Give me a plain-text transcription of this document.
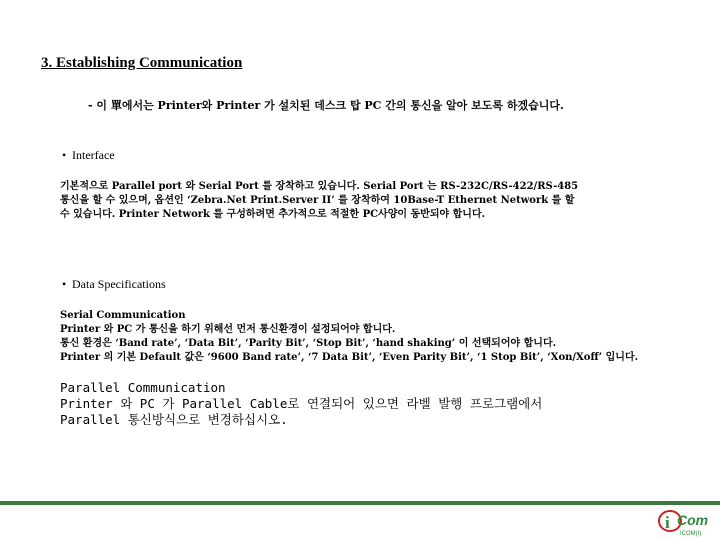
3. Establishing Communication
- 이 單에서는 Printer와 Printer 가 설치된 데스크 탑 PC 간의 통신을 알아 보도록 하겠습니다.
• Interface
기본적으로 Parallel port 와 Serial Port 를 장착하고 있습니다. Serial Port 는 RS-232C/RS-422/RS-485
통신을 할 수 있으며, 옵션인 ‘Zebra.Net Print.Server II’ 를 장착하여 10Base-T Ethernet Network 를 할
수 있습니다. Printer Network 를 구성하려면 추가적으로 적절한 PC사양이 동반되야 합니다.
• Data Specifications
Serial Communication
Printer 와 PC 가 통신을 하기 위해선 먼저 통신환경이 설정되어야 합니다.
통신 환경은 ‘Band rate’, ‘Data Bit’, ‘Parity Bit’, ‘Stop Bit’, ‘hand shaking’ 이 선택되어야 합니다.
Printer 의 기본 Default 값은 ‘9600 Band rate’, ‘7 Data Bit’, ‘Even Parity Bit’, ‘1 Stop Bit’, ‘Xon/Xoff’ 입니다.
Parallel Communication
Printer 와 PC 가 Parallel Cable로 연결되어 있으면 라벨 발행 프로그램에서
Parallel 통신방식으로 변경하십시오.
i Com
ICOM(I)
